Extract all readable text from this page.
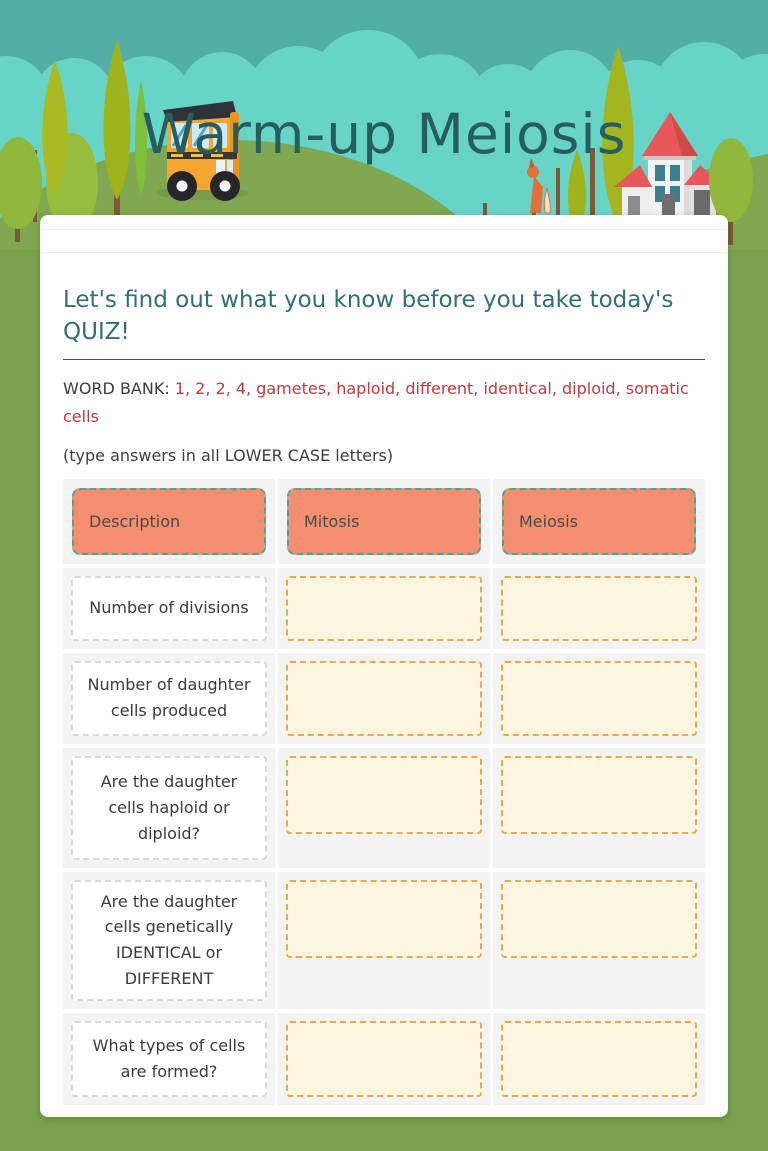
Warm-up Meiosis
Let's find out what you know before you take today's QUIZ!

WORD BANK: 1, 2, 2, 4, gametes, haploid, different, identical, diploid, somatic cells

(type answers in all LOWER CASE letters)

Description	Mitosis	Meiosis
Number of divisions
Number of daughter cells produced
Are the daughter cells haploid or diploid?
Are the daughter cells genetically IDENTICAL or DIFFERENT
What types of cells are formed?
